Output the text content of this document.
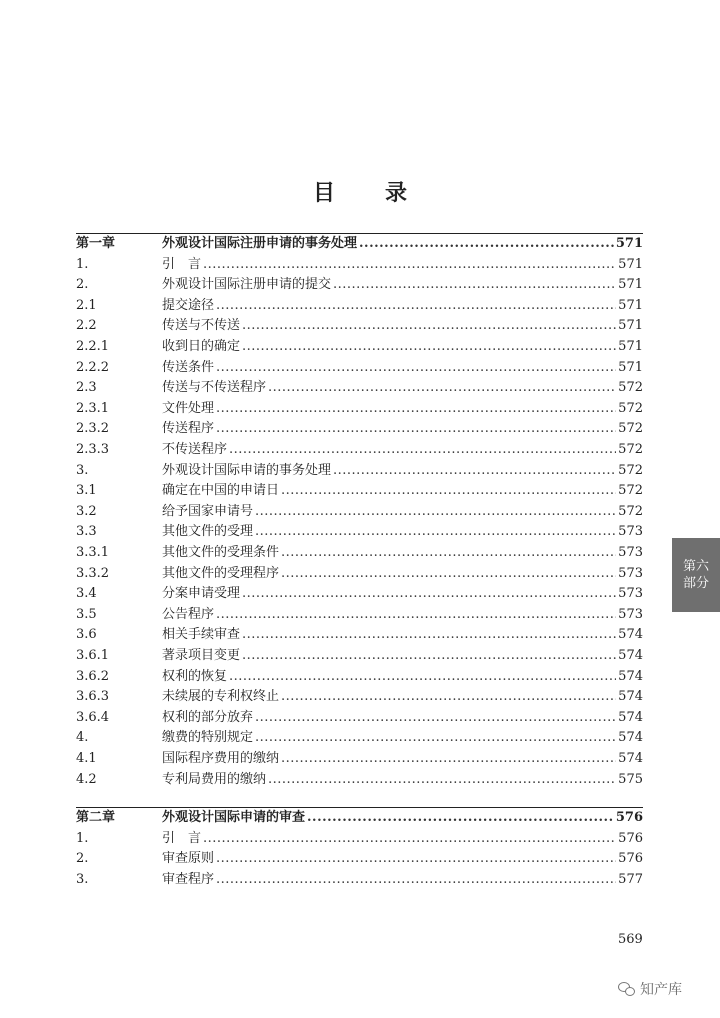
目　录
第一章	外观设计国际注册申请的事务处理 .....	571
1.	引　言 .....	571
2.	外观设计国际注册申请的提交 .....	571
2.1	提交途径 .....	571
2.2	传送与不传送 .....	571
2.2.1	收到日的确定 .....	571
2.2.2	传送条件 .....	571
2.3	传送与不传送程序 .....	572
2.3.1	文件处理 .....	572
2.3.2	传送程序 .....	572
2.3.3	不传送程序 .....	572
3.	外观设计国际申请的事务处理 .....	572
3.1	确定在中国的申请日 .....	572
3.2	给予国家申请号 .....	572
3.3	其他文件的受理 .....	573
3.3.1	其他文件的受理条件 .....	573
3.3.2	其他文件的受理程序 .....	573
3.4	分案申请受理 .....	573
3.5	公告程序 .....	573
3.6	相关手续审查 .....	574
3.6.1	著录项目变更 .....	574
3.6.2	权利的恢复 .....	574
3.6.3	未续展的专利权终止 .....	574
3.6.4	权利的部分放弃 .....	574
4.	缴费的特别规定 .....	574
4.1	国际程序费用的缴纳 .....	574
4.2	专利局费用的缴纳 .....	575
第二章	外观设计国际申请的审查 .....	576
1.	引　言 .....	576
2.	审查原则 .....	576
3.	审查程序 .....	577
第六
部分
569
知产库
